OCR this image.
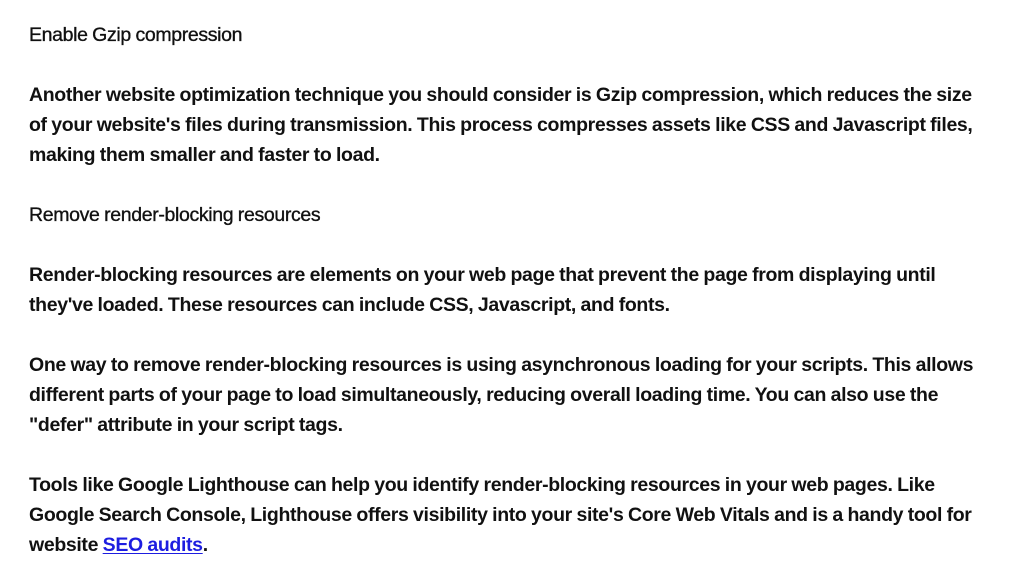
Enable Gzip compression

Another website optimization technique you should consider is Gzip compression, which reduces the size of your website's files during transmission. This process compresses assets like CSS and Javascript files, making them smaller and faster to load.

Remove render-blocking resources

Render-blocking resources are elements on your web page that prevent the page from displaying until they've loaded. These resources can include CSS, Javascript, and fonts.

One way to remove render-blocking resources is using asynchronous loading for your scripts. This allows different parts of your page to load simultaneously, reducing overall loading time. You can also use the "defer" attribute in your script tags.

Tools like Google Lighthouse can help you identify render-blocking resources in your web pages. Like Google Search Console, Lighthouse offers visibility into your site's Core Web Vitals and is a handy tool for website SEO audits.
